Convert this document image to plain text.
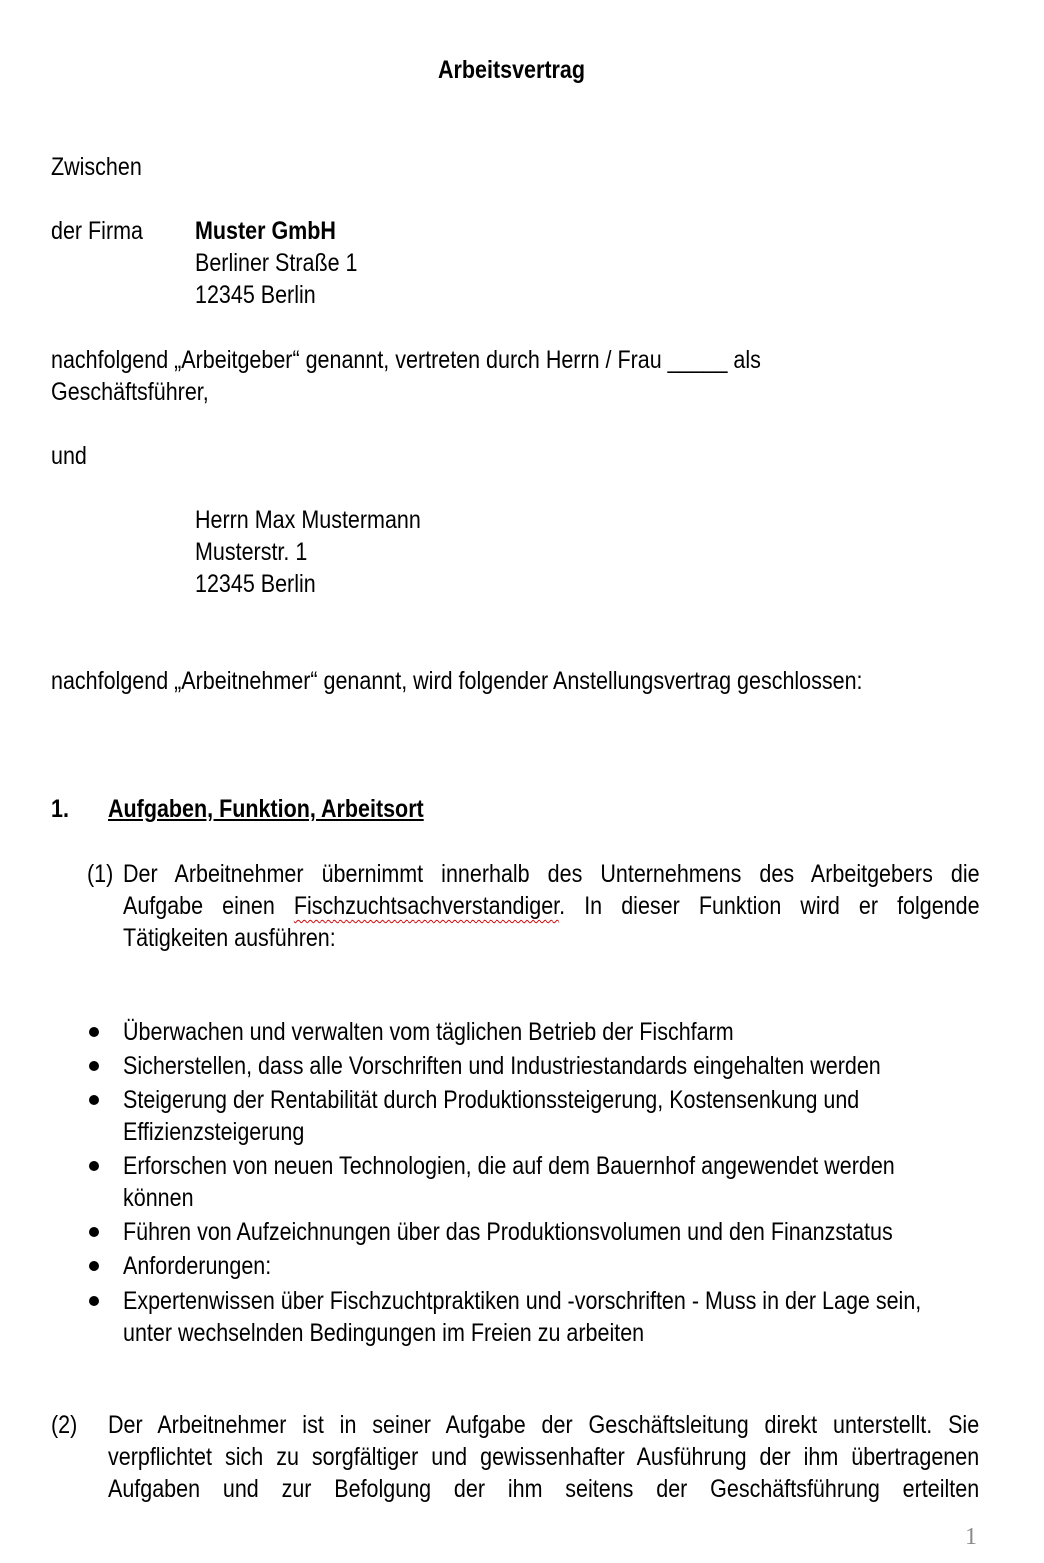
Arbeitsvertrag
Zwischen
der Firma Muster GmbH
Berliner Straße 1
12345 Berlin
nachfolgend „Arbeitgeber“ genannt, vertreten durch Herrn / Frau _____ als
Geschäftsführer,
und
Herrn Max Mustermann
Musterstr. 1
12345 Berlin
nachfolgend „Arbeitnehmer“ genannt, wird folgender Anstellungsvertrag geschlossen:
1. Aufgaben, Funktion, Arbeitsort
(1) Der Arbeitnehmer übernimmt innerhalb des Unternehmens des Arbeitgebers die
Aufgabe einen Fischzuchtsachverstandiger. In dieser Funktion wird er folgende
Tätigkeiten ausführen:
Überwachen und verwalten vom täglichen Betrieb der Fischfarm
Sicherstellen, dass alle Vorschriften und Industriestandards eingehalten werden
Steigerung der Rentabilität durch Produktionssteigerung, Kostensenkung und
Effizienzsteigerung
Erforschen von neuen Technologien, die auf dem Bauernhof angewendet werden
können
Führen von Aufzeichnungen über das Produktionsvolumen und den Finanzstatus
Anforderungen:
Expertenwissen über Fischzuchtpraktiken und -vorschriften - Muss in der Lage sein,
unter wechselnden Bedingungen im Freien zu arbeiten
(2) Der Arbeitnehmer ist in seiner Aufgabe der Geschäftsleitung direkt unterstellt. Sie
verpflichtet sich zu sorgfältiger und gewissenhafter Ausführung der ihm übertragenen
Aufgaben und zur Befolgung der ihm seitens der Geschäftsführung erteilten
1
